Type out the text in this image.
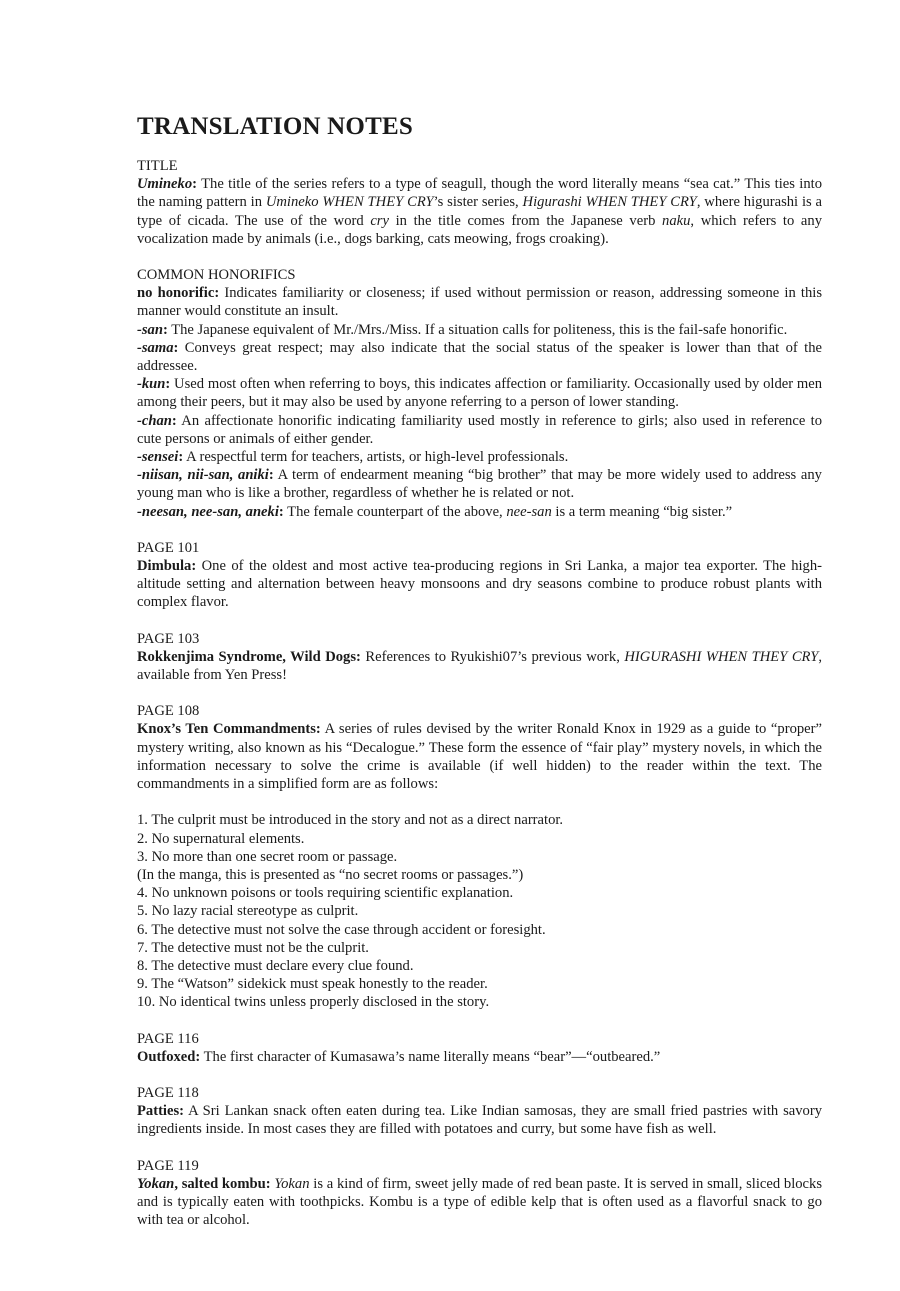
TRANSLATION NOTES
TITLE

Umineko: The title of the series refers to a type of seagull, though the word literally means “sea cat.” This ties into the naming pattern in Umineko WHEN THEY CRY’s sister series, Higurashi WHEN THEY CRY, where higurashi is a type of cicada. The use of the word cry in the title comes from the Japanese verb naku, which refers to any vocalization made by animals (i.e., dogs barking, cats meowing, frogs croaking).

COMMON HONORIFICS

no honorific: Indicates familiarity or closeness; if used without permission or reason, addressing someone in this manner would constitute an insult.

-san: The Japanese equivalent of Mr./Mrs./Miss. If a situation calls for politeness, this is the fail-safe honorific.

-sama: Conveys great respect; may also indicate that the social status of the speaker is lower than that of the addressee.

-kun: Used most often when referring to boys, this indicates affection or familiarity. Occasionally used by older men among their peers, but it may also be used by anyone referring to a person of lower standing.

-chan: An affectionate honorific indicating familiarity used mostly in reference to girls; also used in reference to cute persons or animals of either gender.

-sensei: A respectful term for teachers, artists, or high-level professionals.

-niisan, nii-san, aniki: A term of endearment meaning “big brother” that may be more widely used to address any young man who is like a brother, regardless of whether he is related or not.

-neesan, nee-san, aneki: The female counterpart of the above, nee-san is a term meaning “big sister.”

PAGE 101

Dimbula: One of the oldest and most active tea-producing regions in Sri Lanka, a major tea exporter. The high-altitude setting and alternation between heavy monsoons and dry seasons combine to produce robust plants with complex flavor.

PAGE 103

Rokkenjima Syndrome, Wild Dogs: References to Ryukishi07’s previous work, HIGURASHI WHEN THEY CRY, available from Yen Press!

PAGE 108

Knox’s Ten Commandments: A series of rules devised by the writer Ronald Knox in 1929 as a guide to “proper” mystery writing, also known as his “Decalogue.” These form the essence of “fair play” mystery novels, in which the information necessary to solve the crime is available (if well hidden) to the reader within the text. The commandments in a simplified form are as follows:

1. The culprit must be introduced in the story and not as a direct narrator.
2. No supernatural elements.
3. No more than one secret room or passage.
(In the manga, this is presented as “no secret rooms or passages.”)
4. No unknown poisons or tools requiring scientific explanation.
5. No lazy racial stereotype as culprit.
6. The detective must not solve the case through accident or foresight.
7. The detective must not be the culprit.
8. The detective must declare every clue found.
9. The “Watson” sidekick must speak honestly to the reader.
10. No identical twins unless properly disclosed in the story.
PAGE 116

Outfoxed: The first character of Kumasawa’s name literally means “bear”—“outbeared.”

PAGE 118

Patties: A Sri Lankan snack often eaten during tea. Like Indian samosas, they are small fried pastries with savory ingredients inside. In most cases they are filled with potatoes and curry, but some have fish as well.

PAGE 119

Yokan, salted kombu: Yokan is a kind of firm, sweet jelly made of red bean paste. It is served in small, sliced blocks and is typically eaten with toothpicks. Kombu is a type of edible kelp that is often used as a flavorful snack to go with tea or alcohol.
